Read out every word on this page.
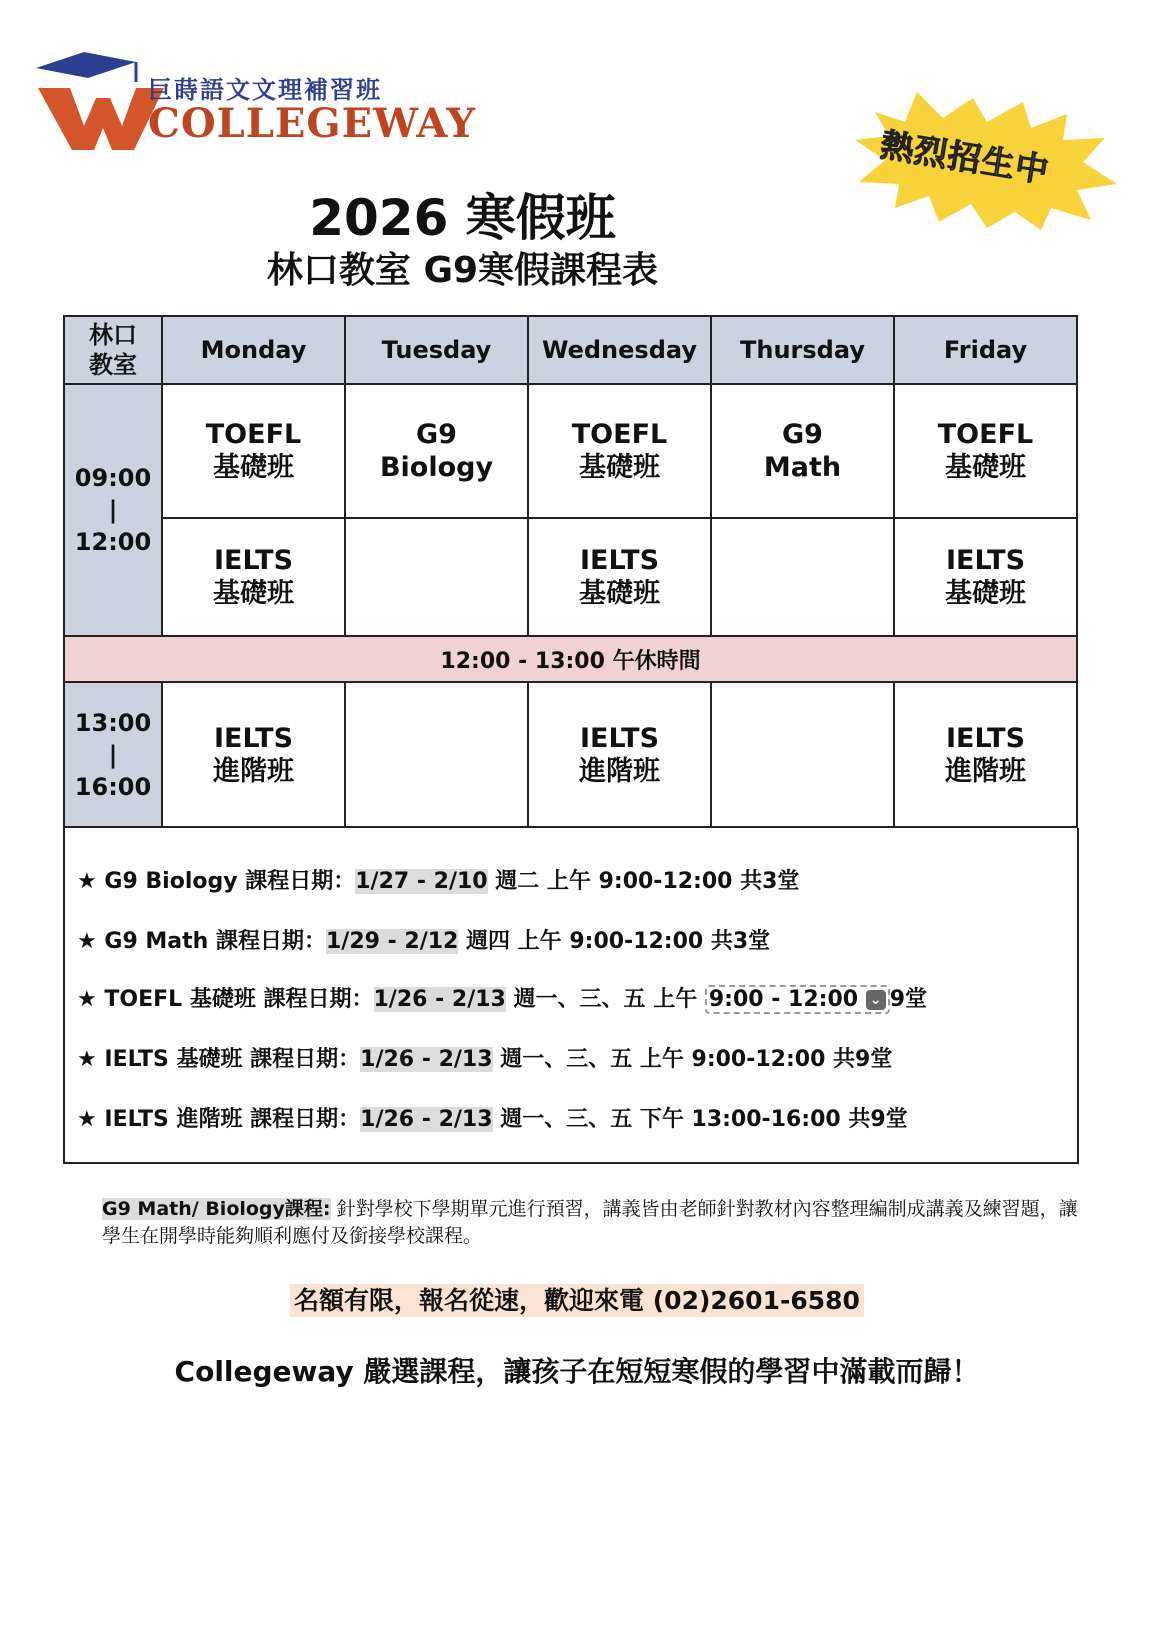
巨蒔語文文理補習班
COLLEGEWAY
熱烈招生中
2026 寒假班
林口教室 G9寒假課程表
林口
教室	Monday	Tuesday	Wednesday	Thursday	Friday

09:00
|
12:00	TOEFL
基礎班	G9
Biology	TOEFL
基礎班	G9
Math	TOEFL
基礎班

	IELTS
基礎班		IELTS
基礎班		IELTS
基礎班

12:00 - 13:00 午休時間					

13:00
|
16:00	IELTS
進階班		IELTS
進階班		IELTS
進階班
★ G9 Biology 課程日期：1/27 - 2/10 週二 上午 9:00-12:00 共3堂
★ G9 Math 課程日期：1/29 - 2/12 週四 上午 9:00-12:00 共3堂
★ TOEFL 基礎班 課程日期：1/26 - 2/13 週一、三、五 上午 9:00 - 12:00 ⌄ 9堂
★ IELTS 基礎班 課程日期：1/26 - 2/13 週一、三、五 上午 9:00-12:00 共9堂
★ IELTS 進階班 課程日期：1/26 - 2/13 週一、三、五 下午 13:00-16:00 共9堂
G9 Math/ Biology課程: 針對學校下學期單元進行預習，講義皆由老師針對教材內容整理編制成講義及練習題，讓學生在開學時能夠順利應付及銜接學校課程。
名額有限，報名從速，歡迎來電 (02)2601-6580
Collegeway 嚴選課程，讓孩子在短短寒假的學習中滿載而歸！
